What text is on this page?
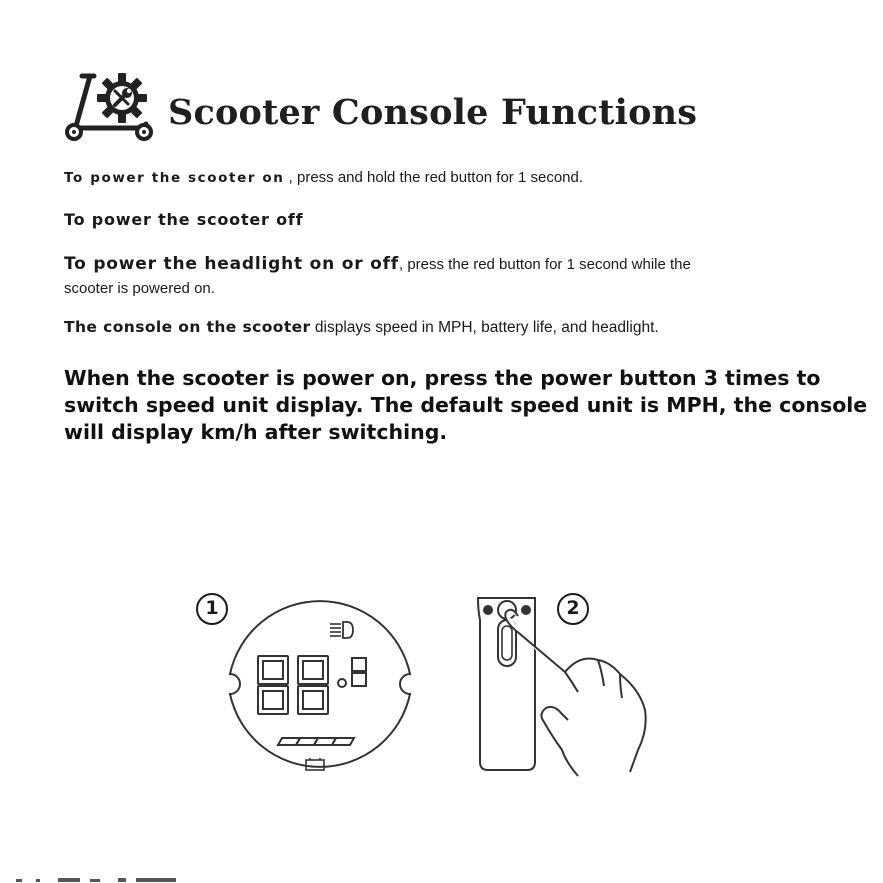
Scooter Console Functions
To power the scooter on , press and hold the red button for 1 second.
To power the scooter off
To power the headlight on or off, press the red button for 1 second while the
scooter is powered on.
The console on the scooter displays speed in MPH, battery life, and headlight.
When the scooter is power on, press the power button 3 times to
switch speed unit display. The default speed unit is MPH, the console
will display km/h after switching.
1	2
